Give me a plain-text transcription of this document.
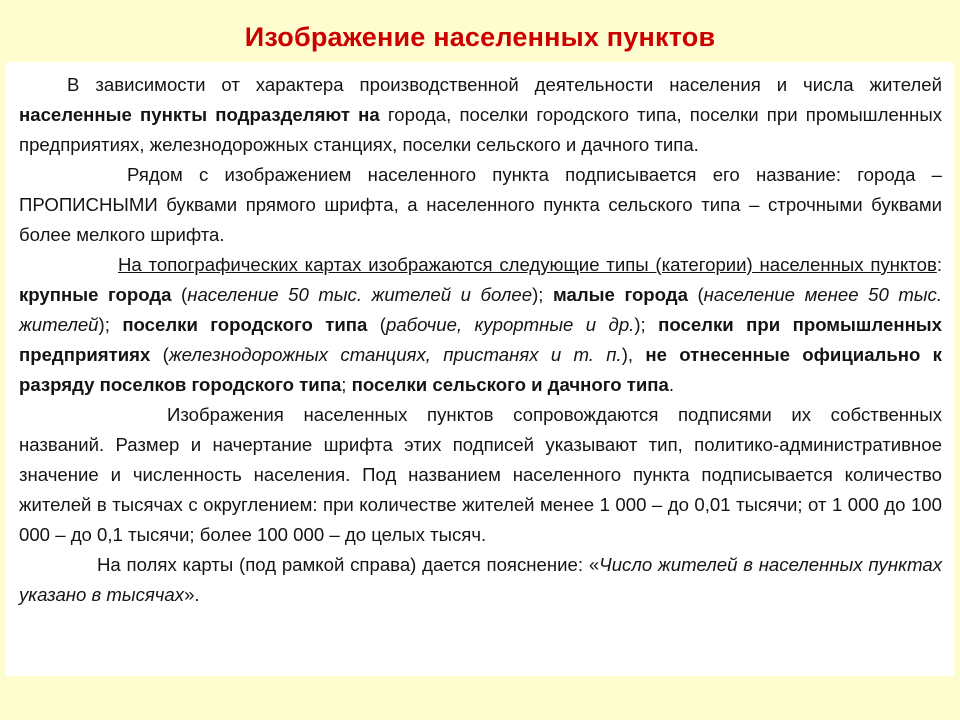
Изображение населенных пунктов

В зависимости от характера производственной деятельности населения и числа жителей населенные пункты подразделяют на города, поселки городского типа, поселки при промышленных предприятиях, железнодорожных станциях, поселки сельского и дачного типа.

Рядом с изображением населенного пункта подписывается его название: города – ПРОПИСНЫМИ буквами прямого шрифта, а населенного пункта сельского типа – строчными буквами более мелкого шрифта.

На топографических картах изображаются следующие типы (категории) населенных пунктов: крупные города (население 50 тыс. жителей и более); малые города (население менее 50 тыс. жителей); поселки городского типа (рабочие, курортные и др.); поселки при промышленных предприятиях (железнодорожных станциях, пристанях и т. п.), не отнесенные официально к разряду поселков городского типа; поселки сельского и дачного типа.

Изображения населенных пунктов сопровождаются подписями их собственных названий. Размер и начертание шрифта этих подписей указывают тип, политико-административное значение и численность населения. Под названием населенного пункта подписывается количество жителей в тысячах с округлением: при количестве жителей менее 1 000 – до 0,01 тысячи; от 1 000 до 100 000 – до 0,1 тысячи; более 100 000 – до целых тысяч.

На полях карты (под рамкой справа) дается пояснение: «Число жителей в населенных пунктах указано в тысячах».
